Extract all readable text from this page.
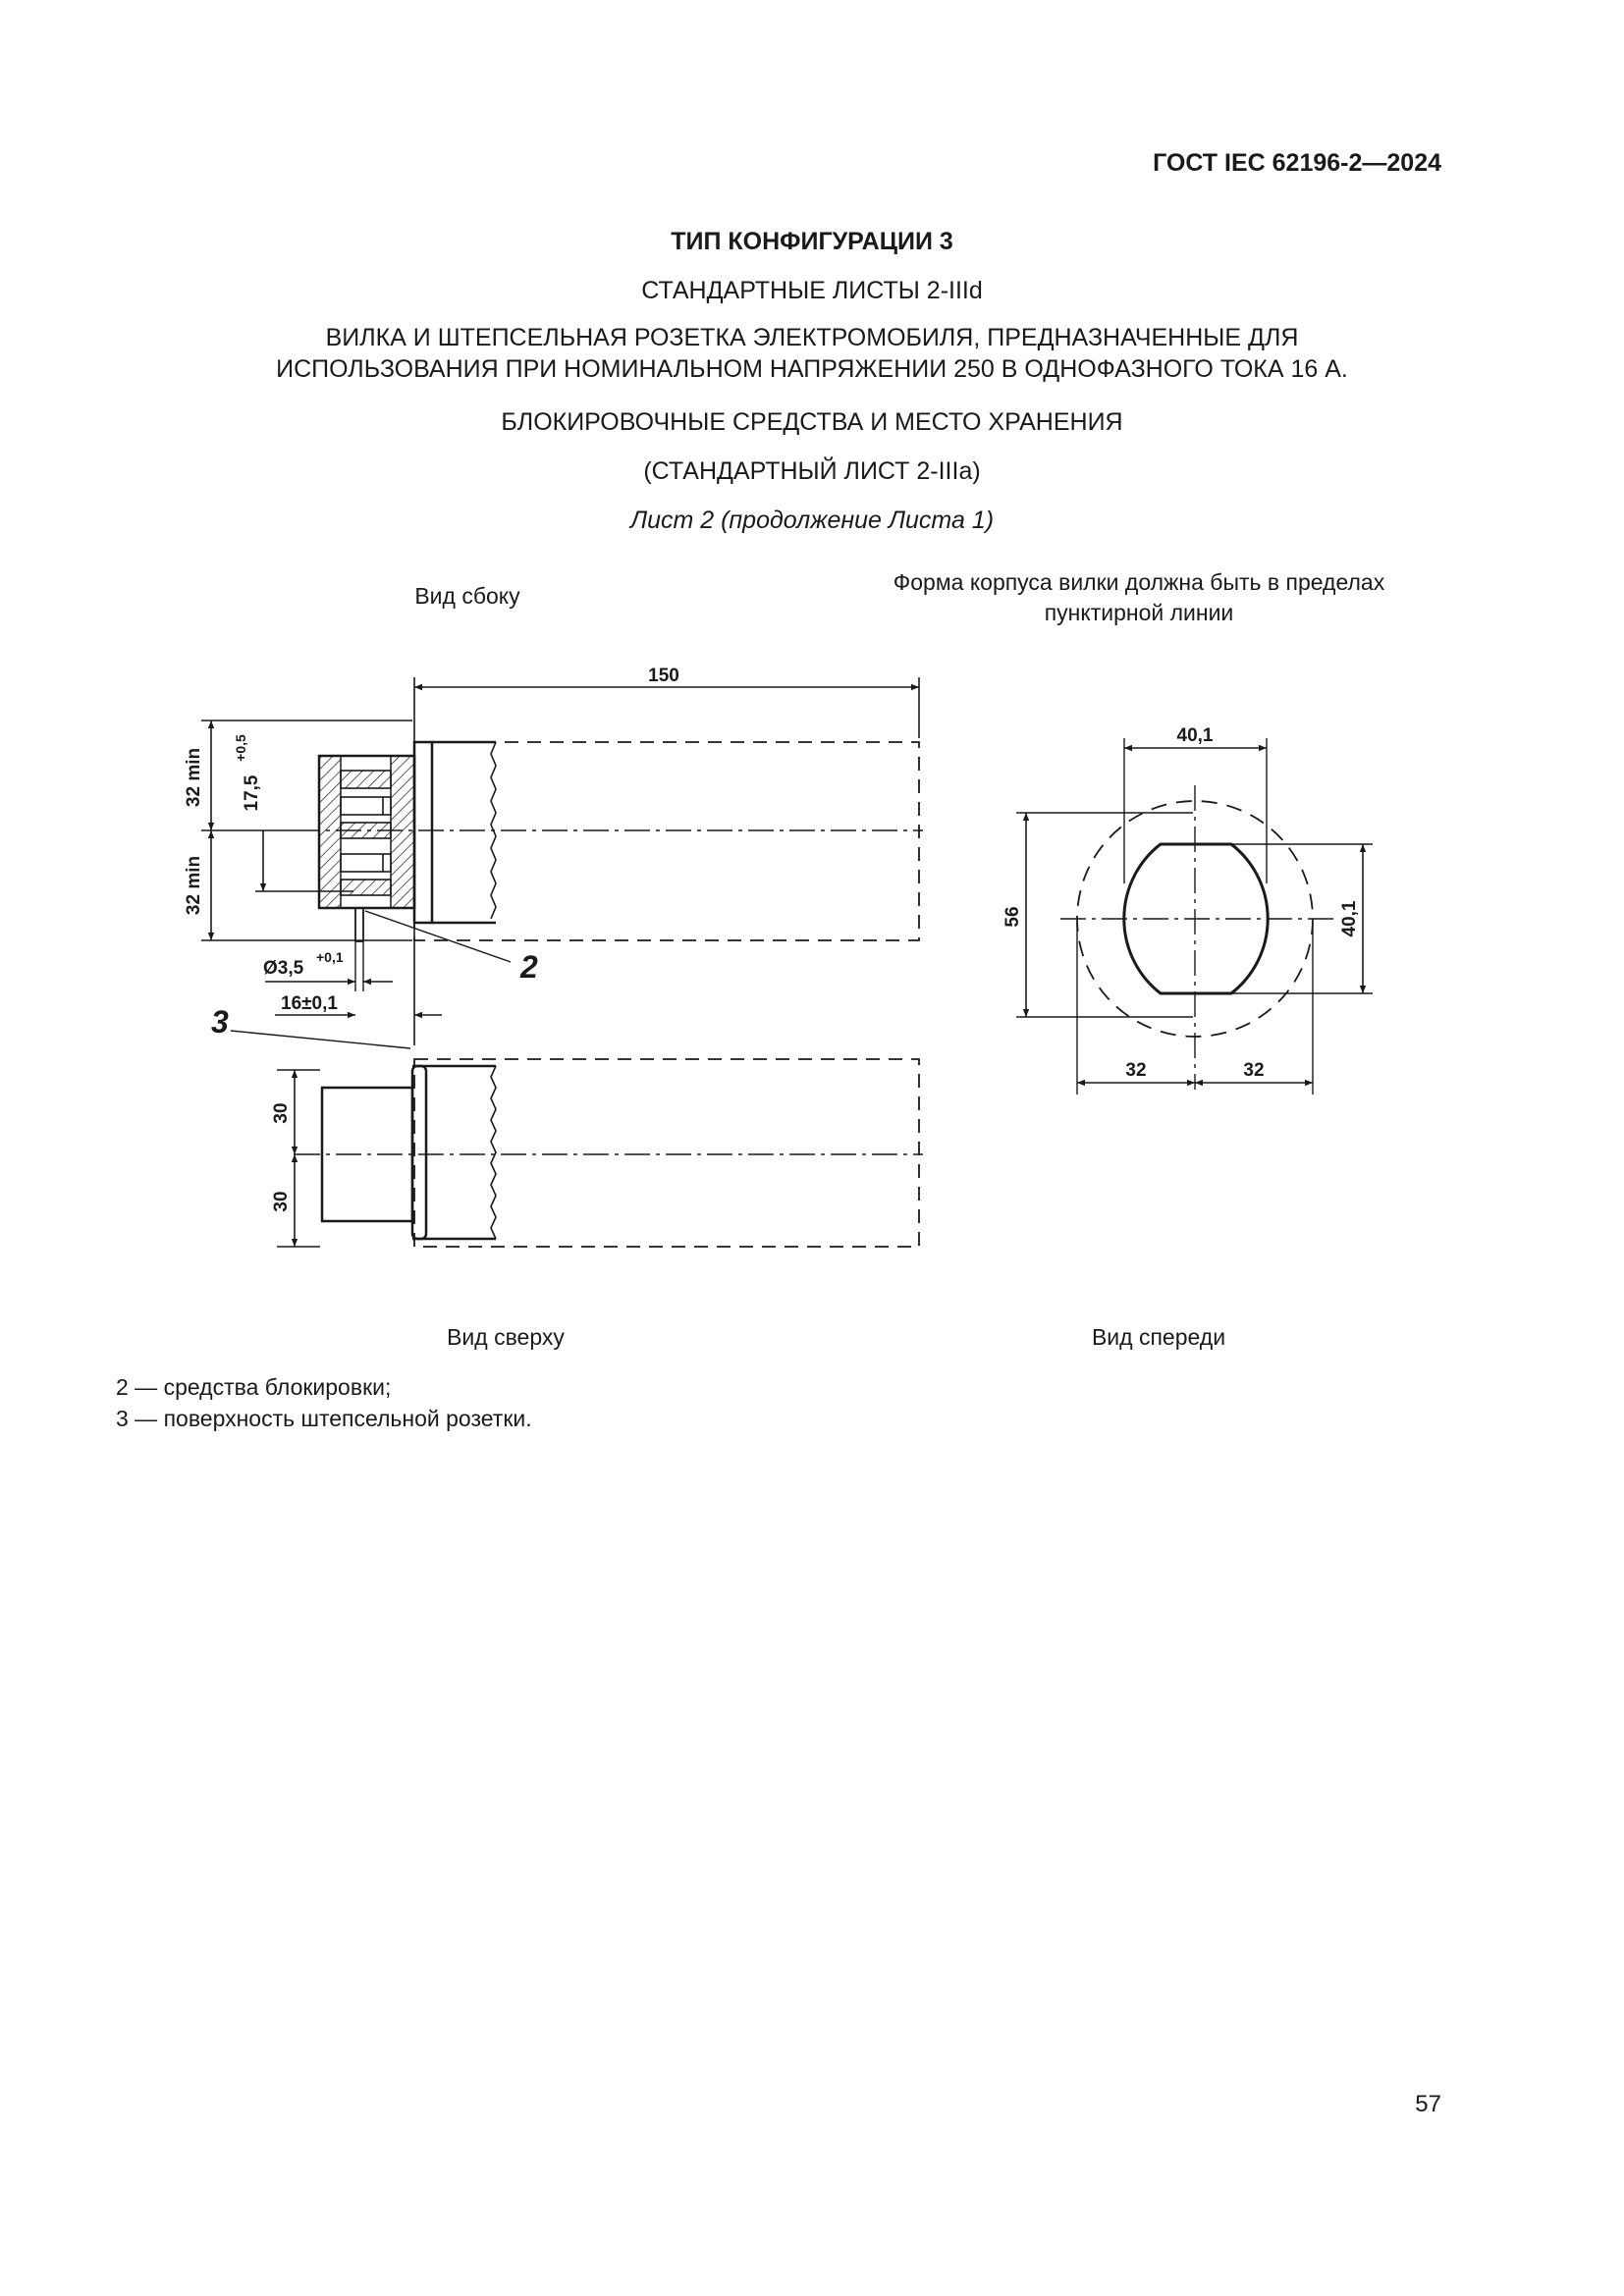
ГОСТ IEC 62196-2—2024
ТИП КОНФИГУРАЦИИ 3
СТАНДАРТНЫЕ ЛИСТЫ 2-IIId
ВИЛКА И ШТЕПСЕЛЬНАЯ РОЗЕТКА ЭЛЕКТРОМОБИЛЯ, ПРЕДНАЗНАЧЕННЫЕ ДЛЯ
ИСПОЛЬЗОВАНИЯ ПРИ НОМИНАЛЬНОМ НАПРЯЖЕНИИ 250 В ОДНОФАЗНОГО ТОКА 16 А.
БЛОКИРОВОЧНЫЕ СРЕДСТВА И МЕСТО ХРАНЕНИЯ
(СТАНДАРТНЫЙ ЛИСТ 2-IIIa)
Лист 2 (продолжение Листа 1)
Вид сбоку
Форма корпуса вилки должна быть в пределах
пунктирной линии
150
32 min
32 min
17,5
+0,5
Ø3,5
+0,1
16±0,1
2
3
30
30
40,1
56	40,1
32	32
Вид сверху	Вид спереди
2 — средства блокировки;
3 — поверхность штепсельной розетки.
57
